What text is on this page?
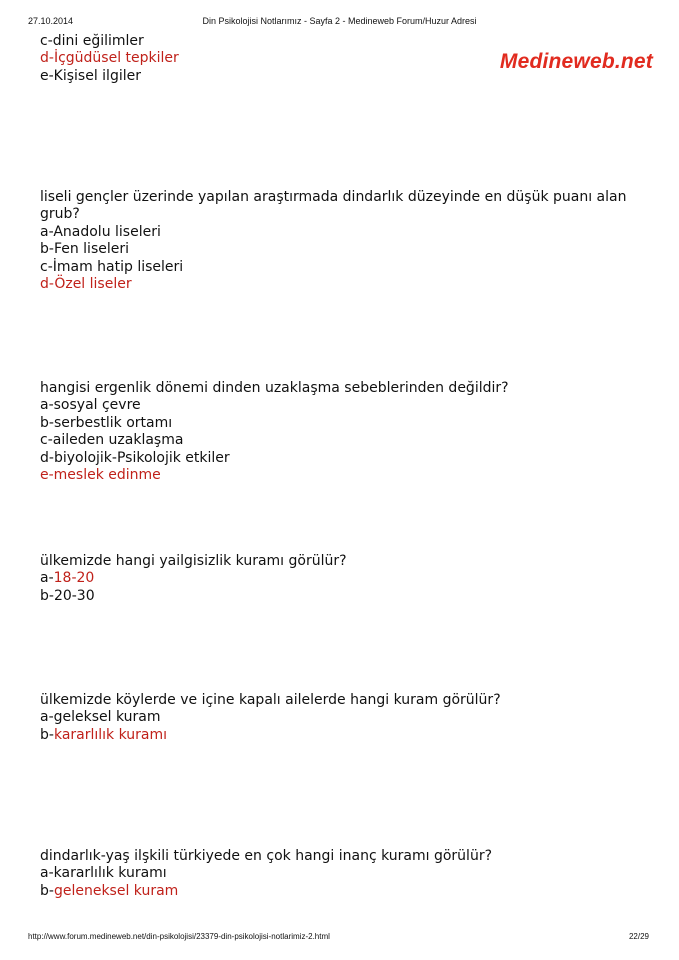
27.10.2014	Din Psikolojisi Notlarımız - Sayfa 2 - Medineweb Forum/Huzur Adresi
Medineweb.net
c-dini eğilimler
d-İçgüdüsel tepkiler
e-Kişisel ilgiler
liseli gençler üzerinde yapılan araştırmada dindarlık düzeyinde en düşük puanı alan grub?
a-Anadolu liseleri
b-Fen liseleri
c-İmam hatip liseleri
d-Özel liseler
hangisi ergenlik dönemi dinden uzaklaşma sebeblerinden değildir?
a-sosyal çevre
b-serbestlik ortamı
c-aileden uzaklaşma
d-biyolojik-Psikolojik etkiler
e-meslek edinme
ülkemizde hangi yailgisizlik kuramı görülür?
a-18-20
b-20-30
ülkemizde köylerde ve içine kapalı ailelerde hangi kuram görülür?
a-geleksel kuram
b-kararlılık kuramı
dindarlık-yaş ilşkili türkiyede en çok hangi inanç kuramı görülür?
a-kararlılık kuramı
b-geleneksel kuram
http://www.forum.medineweb.net/din-psikolojisi/23379-din-psikolojisi-notlarimiz-2.html	22/29
